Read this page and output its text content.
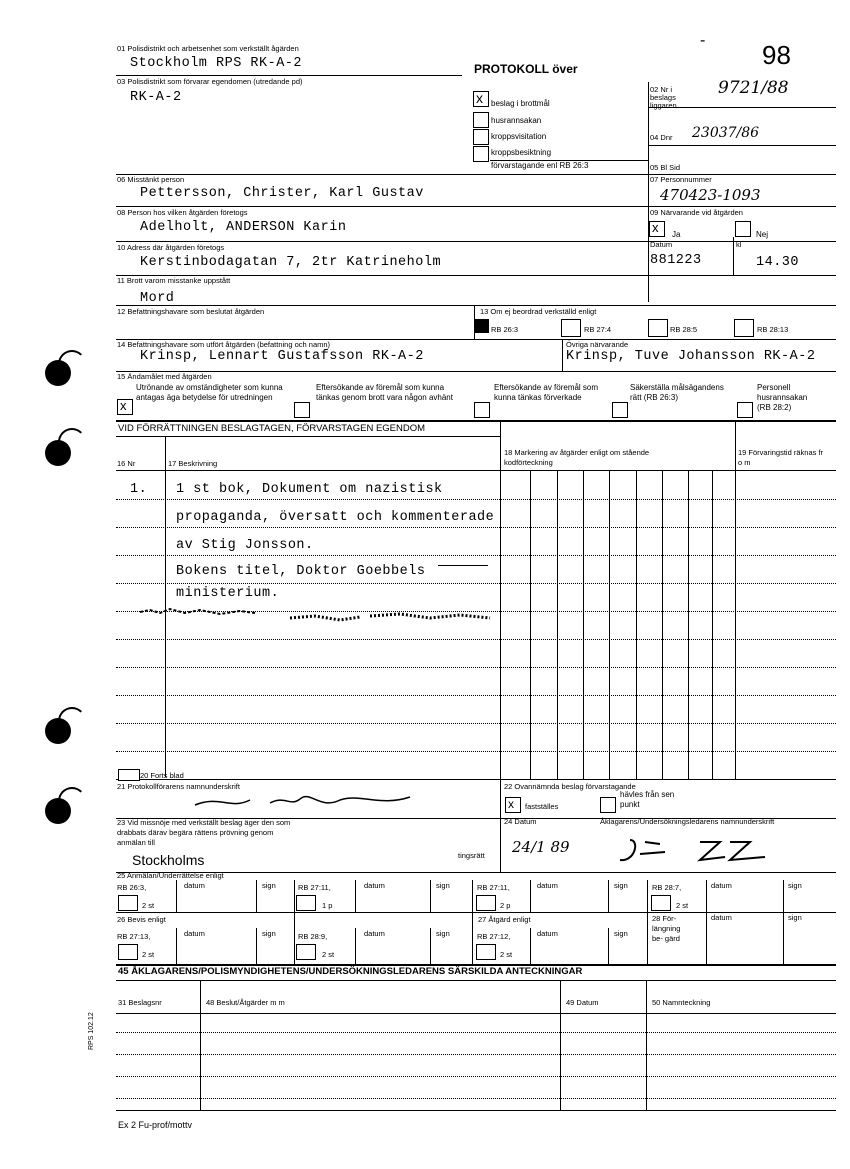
- 98
01 Polisdistrikt och arbetsenhet som verkställt ågärden
Stockholm RPS RK-A-2	PROTOKOLL över
03 Polisdistrikt som förvarar egendomen (utredande pd)
RK-A-2	x beslag i brottmål
husrannsakan
kroppsvisitation
kroppsbesiktning
förvarstagande enl RB 26:3
02 Nr i beslags liggaren
9721/88
04 Dnr 23037/86
05 Bl Sid
06 Misstänkt person
Pettersson, Christer, Karl Gustav
07 Personnummer
470423-1093
08 Person hos vilken åtgärden företogs
Adelholt, ANDERSON Karin
09 Närvarande vid åtgärden
x Ja	Nej
10 Adress där åtgärden företogs
Kerstinbodagatan 7, 2tr Katrineholm
Datum
881223
kl
14.30
11 Brott varom misstanke uppstått
Mord
12 Befattningshavare som beslutat åtgärden	13 Om ej beordrad verkställd enligt
RB 26:3	RB 27:4	RB 28:5	RB 28:13
14 Befattningshavare som utfört åtgärden (befattning och namn)
Krinsp, Lennart Gustafsson RK-A-2
Övriga närvarande
Krinsp, Tuve Johansson RK-A-2
15 Ändamålet med åtgärden
x
Utrönande av omständigheter som kunna antagas äga betydelse för utredningen
Eftersökande av föremål som kunna tänkas genom brott vara någon avhänt
Eftersökande av föremål som kunna tänkas förverkade
Säkerställa målsägandens rätt (RB 26:3)
Personell husrannsakan (RB 28:2)
VID FÖRRÄTTNINGEN BESLAGTAGEN, FÖRVARSTAGEN EGENDOM
16 Nr	17 Beskrivning
18 Markering av åtgärder enligt om stående kodförteckning
19 Förvaringstid räknas fr o m
1. 1 st bok, Dokument om nazistisk
propaganda, översatt och kommenterade
av Stig Jonsson.
Bokens titel, Doktor Goebbels
ministerium.
20 Forts blad
21 Protokollförarens namnunderskrift	22 Ovannämnda beslag förvarstagande
x fastställes
hävles från sen punkt
23 Vid missnöje med verkställt beslag äger den som drabbats därav begära rättens prövning genom anmälan till
Stockholms	tingsrätt
24 Datum
24/1 89
Åklagarens/Undersökningsledarens namnunderskrift
25 Anmälan/Underrättelse enligt
RB 26:3,	datum	sign
2 st
RB 27:11,	datum	sign
1 p
RB 27:11,	datum	sign
2 p
RB 28:7,	datum	sign
2 st
26 Bevis enligt
RB 27:13,	datum	sign
2 st
RB 28:9,	datum	sign
2 st
27 Åtgärd enligt
RB 27:12,	datum	sign
2 st
28 För- längning be- gärd
datum	sign
45 ÅKLAGARENS/POLISMYNDIGHETENS/UNDERSÖKNINGSLEDARENS SÄRSKILDA ANTECKNINGAR
31 Beslagsnr	48 Beslut/Åtgärder m m	49 Datum	50 Namnteckning
RPS 102.12
Ex 2 Fu-prof/mottv
